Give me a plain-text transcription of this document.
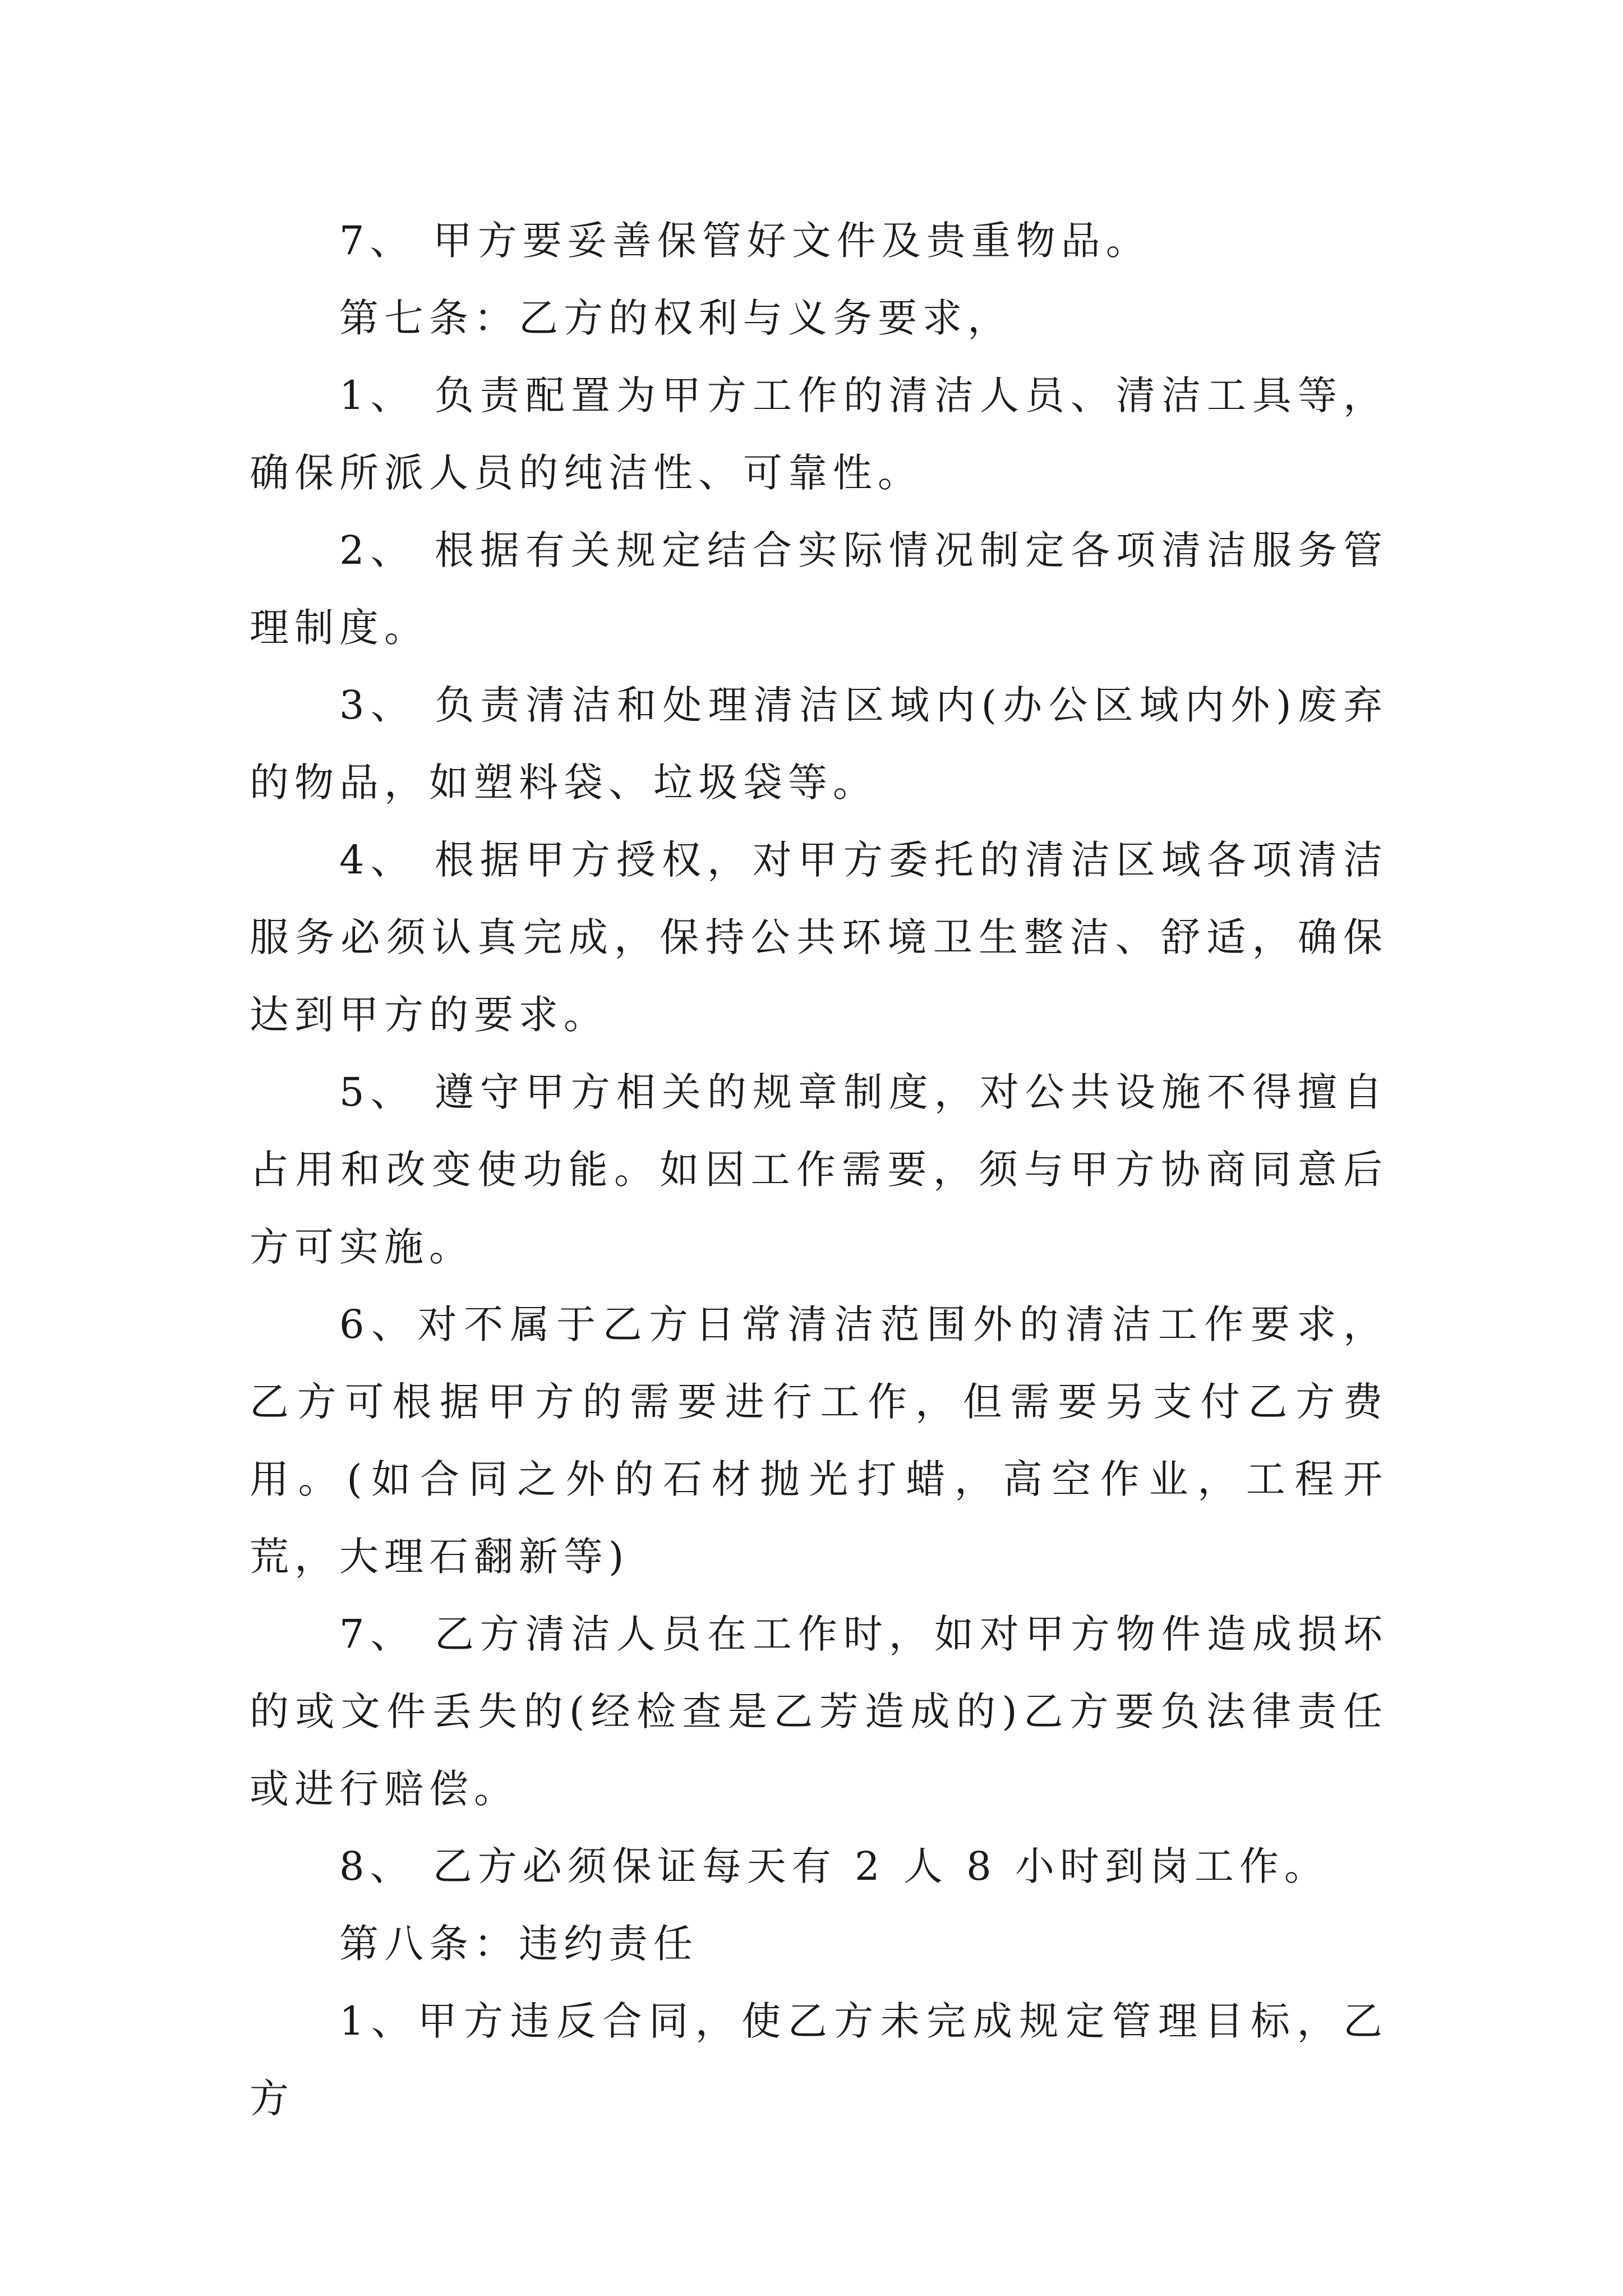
7、 甲方要妥善保管好文件及贵重物品。

第七条：乙方的权利与义务要求，

1、 负责配置为甲方工作的清洁人员、清洁工具等，确保所派人员的纯洁性、可靠性。

2、 根据有关规定结合实际情况制定各项清洁服务管理制度。

3、 负责清洁和处理清洁区域内(办公区域内外)废弃的物品，如塑料袋、垃圾袋等。

4、 根据甲方授权，对甲方委托的清洁区域各项清洁服务必须认真完成，保持公共环境卫生整洁、舒适，确保达到甲方的要求。

5、 遵守甲方相关的规章制度，对公共设施不得擅自占用和改变使功能。如因工作需要，须与甲方协商同意后方可实施。

6、对不属于乙方日常清洁范围外的清洁工作要求，乙方可根据甲方的需要进行工作，但需要另支付乙方费用。(如合同之外的石材抛光打蜡，高空作业，工程开荒，大理石翻新等)

7、 乙方清洁人员在工作时，如对甲方物件造成损坏的或文件丢失的(经检查是乙芳造成的)乙方要负法律责任或进行赔偿。

8、 乙方必须保证每天有 2 人 8 小时到岗工作。

第八条：违约责任

1、甲方违反合同，使乙方未完成规定管理目标，乙方
